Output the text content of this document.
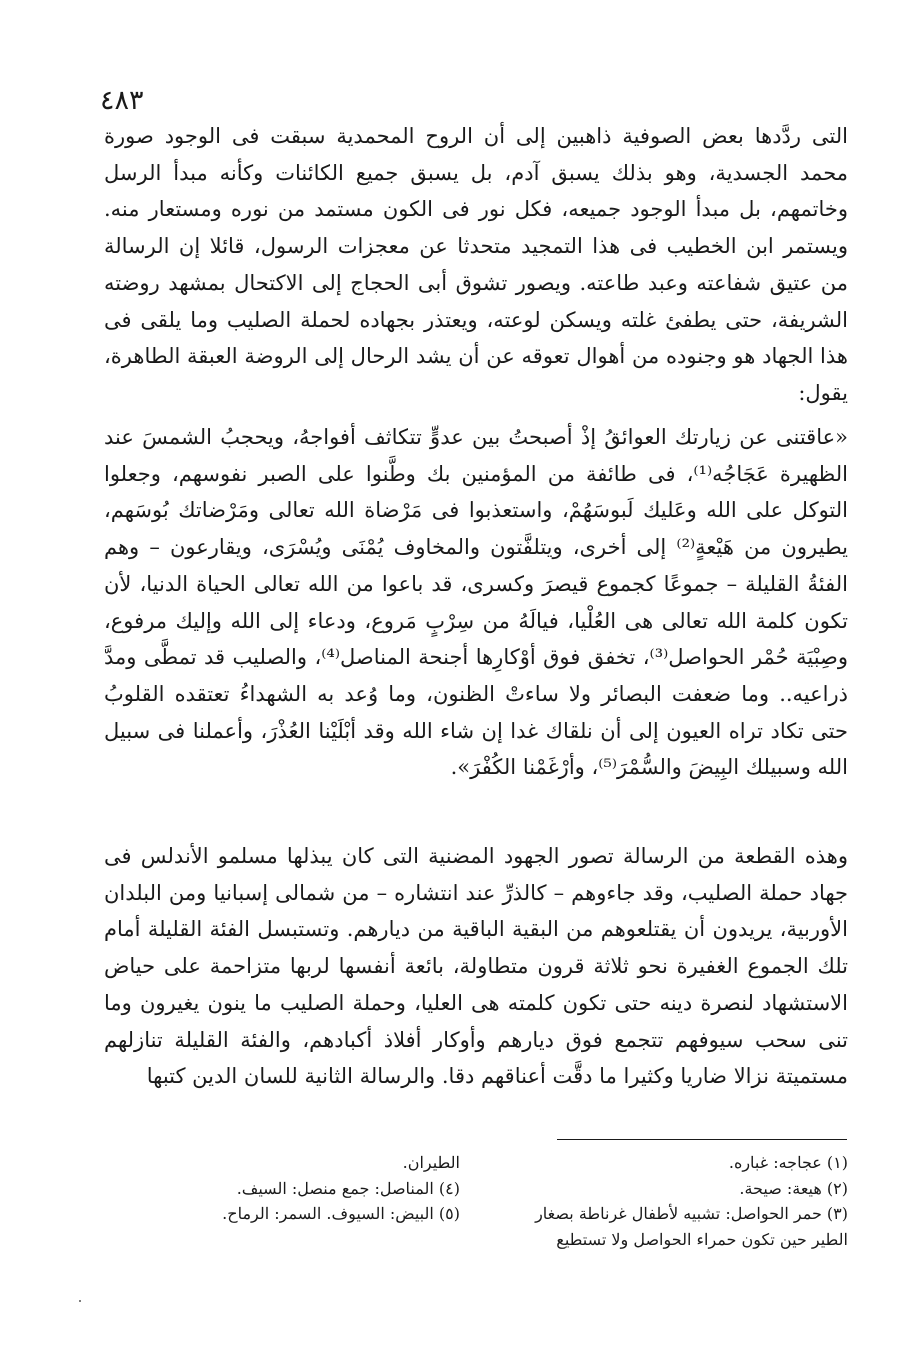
٤٨٣

التى ردَّدها بعض الصوفية ذاهبين إلى أن الروح المحمدية سبقت فى الوجود صورة محمد الجسدية، وهو بذلك يسبق آدم، بل يسبق جميع الكائنات وكأنه مبدأ الرسل وخاتمهم، بل مبدأ الوجود جميعه، فكل نور فى الكون مستمد من نوره ومستعار منه. ويستمر ابن الخطيب فى هذا التمجيد متحدثا عن معجزات الرسول، قائلا إن الرسالة من عتيق شفاعته وعبد طاعته. ويصور تشوق أبى الحجاج إلى الاكتحال بمشهد روضته الشريفة، حتى يطفئ غلته ويسكن لوعته، ويعتذر بجهاده لحملة الصليب وما يلقى فى هذا الجهاد هو وجنوده من أهوال تعوقه عن أن يشد الرحال إلى الروضة العبقة الطاهرة، يقول:

«عاقتنى عن زيارتك العوائقُ إذْ أصبحتُ بين عدوٍّ تتكاثف أفواجهُ، ويحجبُ الشمسَ عند الظهيرة عَجَاجُه⁽¹⁾، فى طائفة من المؤمنين بك وطَّنوا على الصبر نفوسهم، وجعلوا التوكل على الله وعَليك لَبوسَهُمْ، واستعذبوا فى مَرْضاة الله تعالى ومَرْضاتك بُوسَهم، يطيرون من هَيْعةٍ⁽²⁾ إلى أخرى، ويتلفَّتون والمخاوف يُمْنَى ويُسْرَى، ويقارعون – وهم الفئةُ القليلة – جموعًا كجموع قيصرَ وكسرى، قد باعوا من الله تعالى الحياة الدنيا، لأن تكون كلمة الله تعالى هى العُلْيا، فيالَهُ من سِرْبٍ مَروع، ودعاء إلى الله وإليك مرفوع، وصِبْيَة حُمْر الحواصل⁽³⁾، تخفق فوق أوْكارِها أجنحة المناصل⁽⁴⁾، والصليب قد تمطَّى ومدَّ ذراعيه.. وما ضعفت البصائر ولا ساءتْ الظنون، وما وُعد به الشهداءُ تعتقده القلوبُ حتى تكاد تراه العيون إلى أن نلقاك غدا إن شاء الله وقد أبْلَيْنا العُذْرَ، وأعملنا فى سبيل الله وسبيلك البِيضَ والسُّمْرَ⁽⁵⁾، وأرْغَمْنا الكُفْرَ».

وهذه القطعة من الرسالة تصور الجهود المضنية التى كان يبذلها مسلمو الأندلس فى جهاد حملة الصليب، وقد جاءوهم – كالذرِّ عند انتشاره – من شمالى إسبانيا ومن البلدان الأوربية، يريدون أن يقتلعوهم من البقية الباقية من ديارهم. وتستبسل الفئة القليلة أمام تلك الجموع الغفيرة نحو ثلاثة قرون متطاولة، بائعة أنفسها لربها متزاحمة على حياض الاستشهاد لنصرة دينه حتى تكون كلمته هى العليا، وحملة الصليب ما ينون يغيرون وما تنى سحب سيوفهم تتجمع فوق ديارهم وأوكار أفلاذ أكبادهم، والفئة القليلة تنازلهم مستميتة نزالا ضاريا وكثيرا ما دقَّت أعناقهم دقا. والرسالة الثانية للسان الدين كتبها

(١) عجاجه: غباره.
(٢) هيعة: صيحة.
(٣) حمر الحواصل: تشبيه لأطفال غرناطة بصغار الطير حين تكون حمراء الحواصل ولا تستطيع
الطيران.
(٤) المناصل: جمع منصل: السيف.
(٥) البيض: السيوف. السمر: الرماح.
